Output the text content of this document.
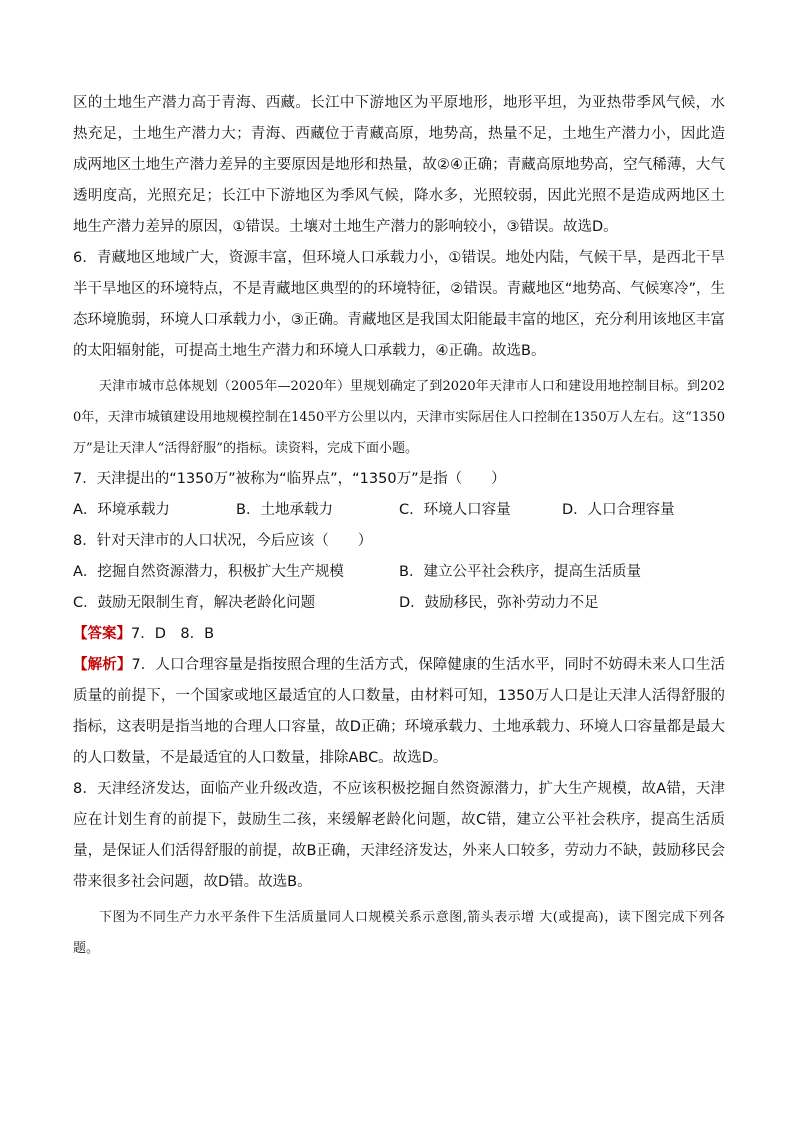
区的土地生产潜力高于青海、西藏。长江中下游地区为平原地形，地形平坦，为亚热带季风气候，水热充足，土地生产潜力大；青海、西藏位于青藏高原，地势高，热量不足，土地生产潜力小，因此造成两地区土地生产潜力差异的主要原因是地形和热量，故②④正确；青藏高原地势高，空气稀薄，大气透明度高，光照充足；长江中下游地区为季风气候，降水多，光照较弱，因此光照不是造成两地区土地生产潜力差异的原因，①错误。土壤对土地生产潜力的影响较小，③错误。故选D。

6．青藏地区地域广大，资源丰富，但环境人口承载力小，①错误。地处内陆，气候干旱，是西北干旱半干旱地区的环境特点，不是青藏地区典型的的环境特征，②错误。青藏地区“地势高、气候寒冷”，生态环境脆弱，环境人口承载力小，③正确。青藏地区是我国太阳能最丰富的地区，充分利用该地区丰富的太阳辐射能，可提高土地生产潜力和环境人口承载力，④正确。故选B。

天津市城市总体规划（2005年—2020年）里规划确定了到2020年天津市人口和建设用地控制目标。到2020年，天津市城镇建设用地规模控制在1450平方公里以内，天津市实际居住人口控制在1350万人左右。这“1350万”是让天津人“活得舒服”的指标。读资料，完成下面小题。

7．天津提出的“1350万”被称为“临界点”，“1350万”是指（　　）

A．环境承载力	B．土地承载力	C．环境人口容量	D．人口合理容量

8．针对天津市的人口状况，今后应该（　　）

A．挖掘自然资源潜力，积极扩大生产规模	B．建立公平社会秩序，提高生活质量
C．鼓励无限制生育，解决老龄化问题	D．鼓励移民，弥补劳动力不足

【答案】7．D　8．B

【解析】7．人口合理容量是指按照合理的生活方式，保障健康的生活水平，同时不妨碍未来人口生活质量的前提下，一个国家或地区最适宜的人口数量，由材料可知，1350万人口是让天津人活得舒服的指标，这表明是指当地的合理人口容量，故D正确；环境承载力、土地承载力、环境人口容量都是最大的人口数量，不是最适宜的人口数量，排除ABC。故选D。

8．天津经济发达，面临产业升级改造，不应该积极挖掘自然资源潜力，扩大生产规模，故A错，天津应在计划生育的前提下，鼓励生二孩，来缓解老龄化问题，故C错，建立公平社会秩序，提高生活质量，是保证人们活得舒服的前提，故B正确，天津经济发达，外来人口较多，劳动力不缺，鼓励移民会带来很多社会问题，故D错。故选B。

下图为不同生产力水平条件下生活质量同人口规模关系示意图,箭头表示增 大(或提高)，读下图完成下列各题。
